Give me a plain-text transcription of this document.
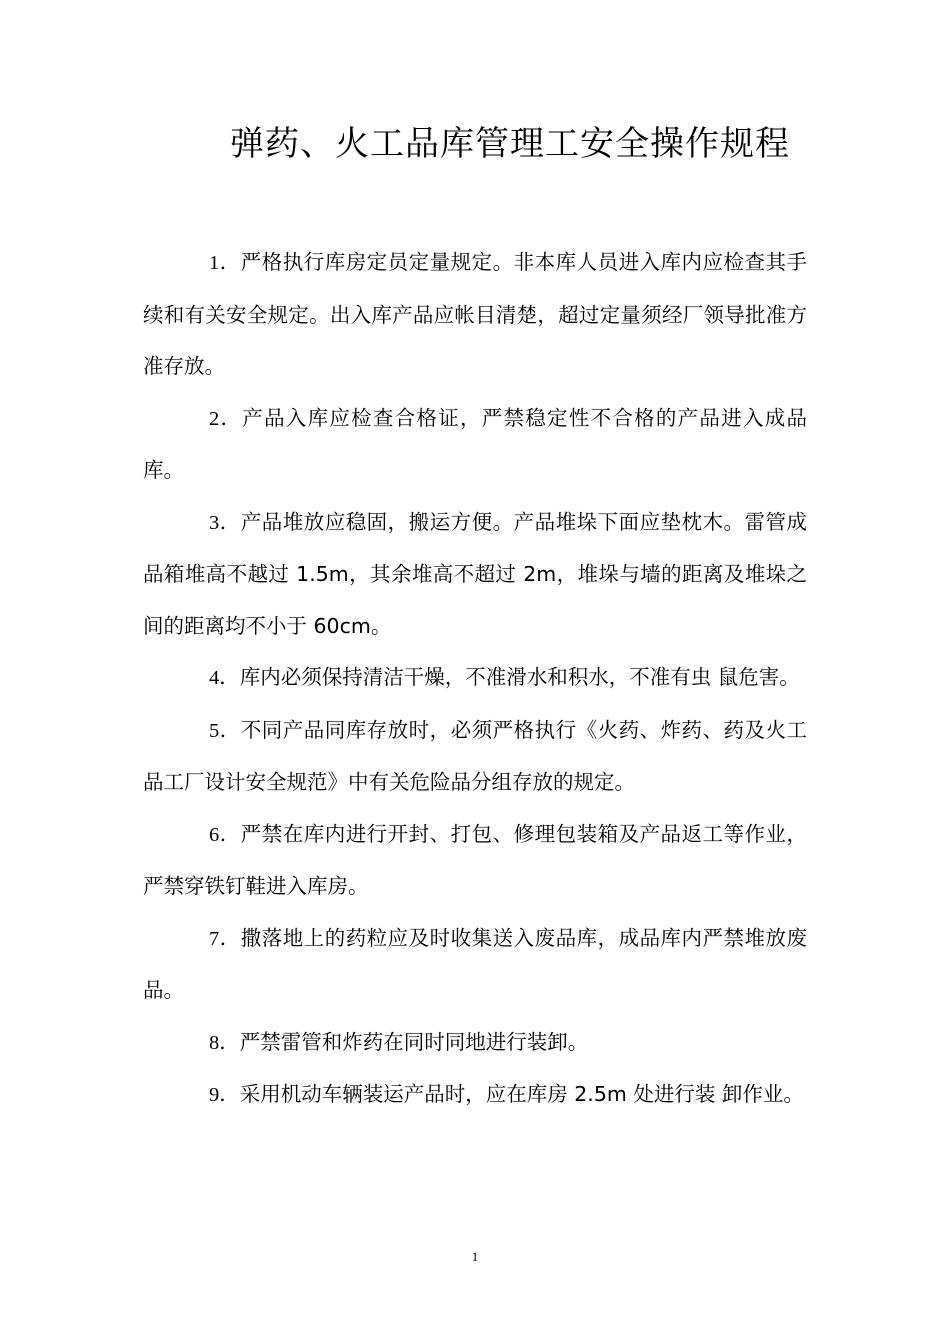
弹药、火工品库管理工安全操作规程

1．严格执行库房定员定量规定。非本库人员进入库内应检查其手续和有关安全规定。出入库产品应帐目清楚，超过定量须经厂领导批准方准存放。

2．产品入库应检查合格证，严禁稳定性不合格的产品进入成品库。

3．产品堆放应稳固，搬运方便。产品堆垛下面应垫枕木。雷管成品箱堆高不越过 1.5m，其余堆高不超过 2m，堆垛与墙的距离及堆垛之间的距离均不小于 60cm。

4．库内必须保持清洁干燥，不准滑水和积水，不准有虫 鼠危害。

5．不同产品同库存放时，必须严格执行《火药、炸药、药及火工品工厂设计安全规范》中有关危险品分组存放的规定。

6．严禁在库内进行开封、打包、修理包装箱及产品返工等作业，严禁穿铁钉鞋进入库房。

7．撒落地上的药粒应及时收集送入废品库，成品库内严禁堆放废品。

8．严禁雷管和炸药在同时同地进行装卸。

9．采用机动车辆装运产品时，应在库房 2.5m 处进行装 卸作业。

1
